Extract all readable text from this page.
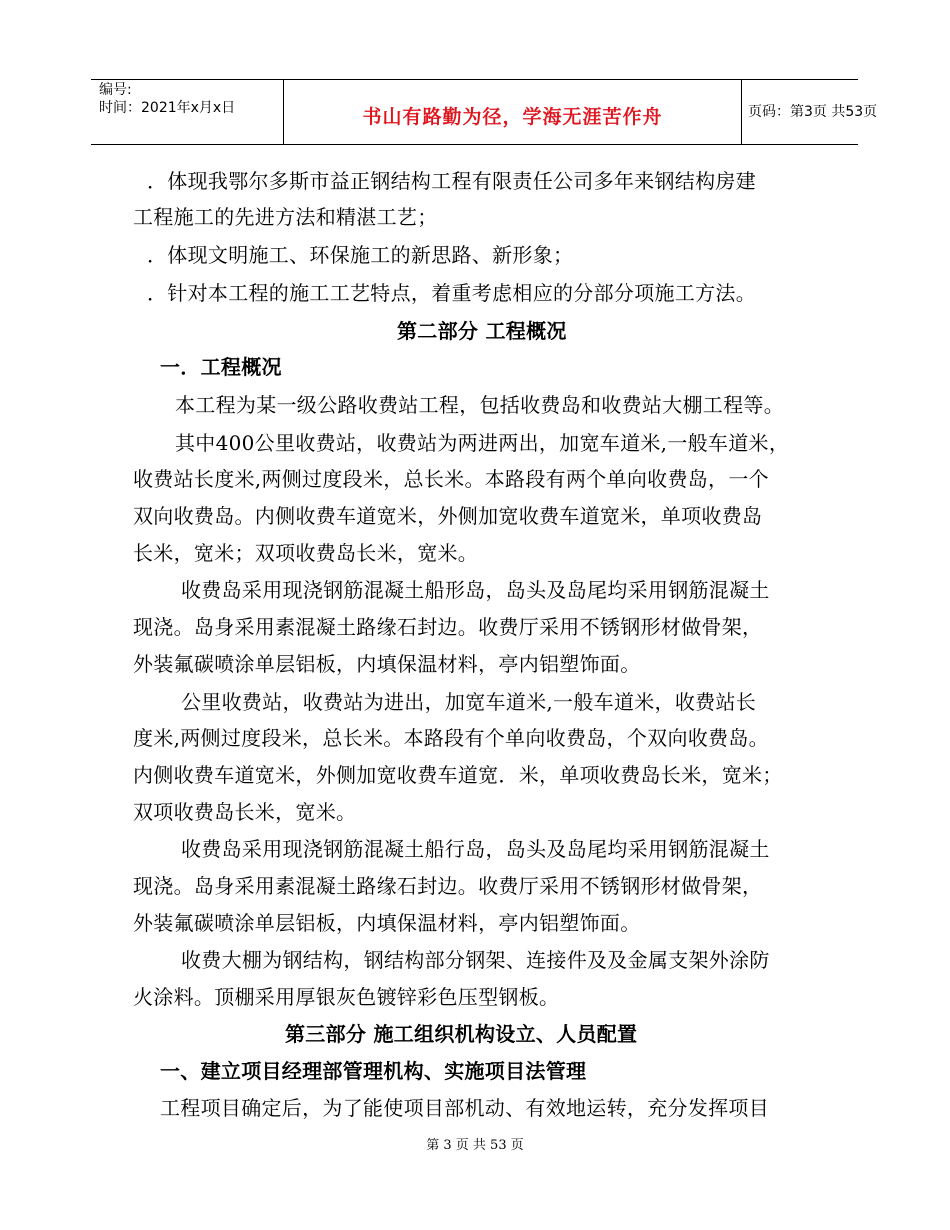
编号:
时间：2021年x月x日	书山有路勤为径，学海无涯苦作舟	页码：第3页 共53页
．体现我鄂尔多斯市益正钢结构工程有限责任公司多年来钢结构房建
工程施工的先进方法和精湛工艺；
．体现文明施工、环保施工的新思路、新形象；
．针对本工程的施工工艺特点，着重考虑相应的分部分项施工方法。
第二部分 工程概况
一．工程概况
本工程为某一级公路收费站工程，包括收费岛和收费站大棚工程等。
其中400公里收费站，收费站为两进两出，加宽车道米,一般车道米，
收费站长度米,两侧过度段米，总长米。本路段有两个单向收费岛，一个
双向收费岛。内侧收费车道宽米，外侧加宽收费车道宽米，单项收费岛
长米，宽米；双项收费岛长米，宽米。
收费岛采用现浇钢筋混凝土船形岛，岛头及岛尾均采用钢筋混凝土
现浇。岛身采用素混凝土路缘石封边。收费厅采用不锈钢形材做骨架，
外装氟碳喷涂单层铝板，内填保温材料，亭内铝塑饰面。
公里收费站，收费站为进出，加宽车道米,一般车道米，收费站长
度米,两侧过度段米，总长米。本路段有个单向收费岛，个双向收费岛。
内侧收费车道宽米，外侧加宽收费车道宽．米，单项收费岛长米，宽米；
双项收费岛长米，宽米。
收费岛采用现浇钢筋混凝土船行岛，岛头及岛尾均采用钢筋混凝土
现浇。岛身采用素混凝土路缘石封边。收费厅采用不锈钢形材做骨架，
外装氟碳喷涂单层铝板，内填保温材料，亭内铝塑饰面。
收费大棚为钢结构，钢结构部分钢架、连接件及及金属支架外涂防
火涂料。顶棚采用厚银灰色镀锌彩色压型钢板。
第三部分 施工组织机构设立、人员配置
一、建立项目经理部管理机构、实施项目法管理
工程项目确定后，为了能使项目部机动、有效地运转，充分发挥项目
第 3 页 共 53 页
